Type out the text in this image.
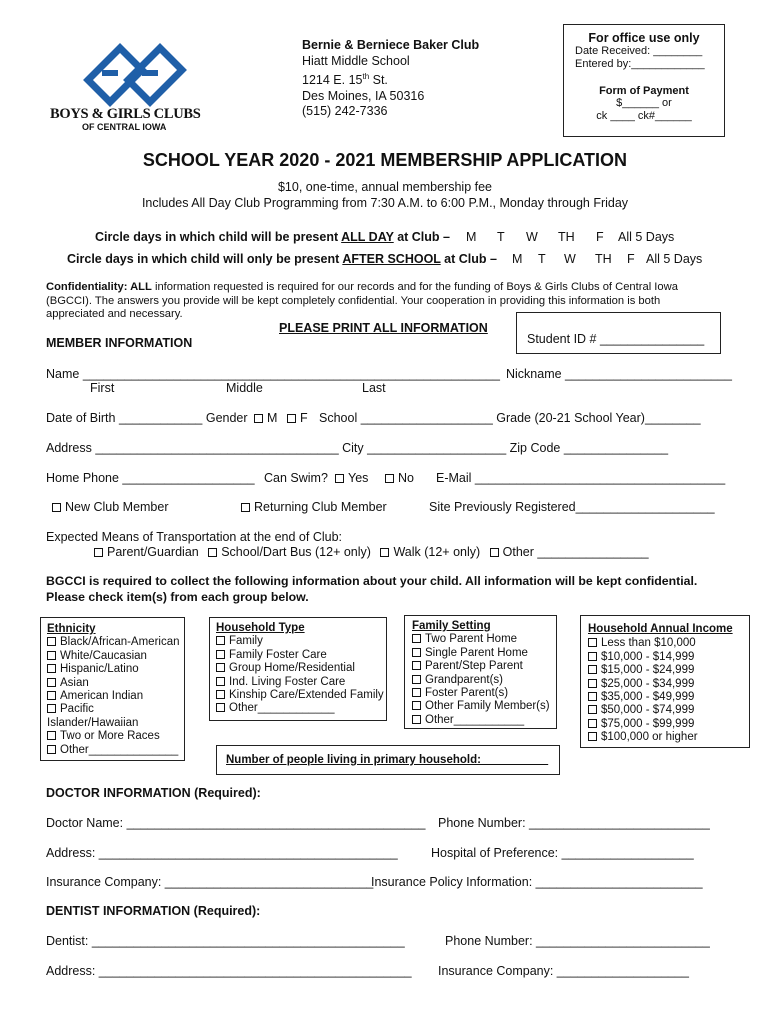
BOYS & GIRLS CLUBS
OF CENTRAL IOWA
Bernie & Berniece Baker Club
Hiatt Middle School
1214 E. 15th St.
Des Moines, IA 50316
(515) 242-7336
For office use only
Date Received: ________
Entered by:____________
Form of Payment
$______ or
ck ____ ck#______
SCHOOL YEAR 2020 - 2021 MEMBERSHIP APPLICATION
$10, one-time, annual membership fee
Includes All Day Club Programming from 7:30 A.M. to 6:00 P.M., Monday through Friday
Circle days in which child will be present ALL DAY at Club – M T W TH F All 5 Days
Circle days in which child will only be present AFTER SCHOOL at Club – M T W TH F All 5 Days
Confidentiality: ALL information requested is required for our records and for the funding of Boys & Girls Clubs of Central Iowa
(BGCCI). The answers you provide will be kept completely confidential. Your cooperation in providing this information is both
appreciated and necessary.
PLEASE PRINT ALL INFORMATION
MEMBER INFORMATION	Student ID # _______________
Name ____________________________________________________________ Nickname ________________________
First	Middle	Last
Date of Birth ____________ Gender	M	F School ___________________ Grade (20-21 School Year)________
Address ___________________________________ City ____________________ Zip Code _______________
Home Phone ___________________ Can Swim?	Yes	No E-Mail ____________________________________
New Club Member	Returning Club Member	Site Previously Registered____________________
Expected Means of Transportation at the end of Club:
Parent/Guardian School/Dart Bus (12+ only) Walk (12+ only) Other ________________
BGCCI is required to collect the following information about your child. All information will be kept confidential.
Please check item(s) from each group below.
Ethnicity
Black/African-American
White/Caucasian
Hispanic/Latino
Asian
American Indian
Pacific
Islander/Hawaiian
Two or More Races
Other______________
Household Type
Family
Family Foster Care
Group Home/Residential
Ind. Living Foster Care
Kinship Care/Extended Family
Other____________
Family Setting
Two Parent Home
Single Parent Home
Parent/Step Parent
Grandparent(s)
Foster Parent(s)
Other Family Member(s)
Other___________
Household Annual Income
Less than $10,000
$10,000 - $14,999
$15,000 - $24,999
$25,000 - $34,999
$35,000 - $49,999
$50,000 - $74,999
$75,000 - $99,999
$100,000 or higher
Number of people living in primary household: __________
DOCTOR INFORMATION (Required):
Doctor Name: ___________________________________________ Phone Number: __________________________
Address: ___________________________________________	Hospital of Preference: ___________________
Insurance Company: ______________________________
Insurance Policy Information: ________________________
DENTIST INFORMATION (Required):
Dentist: _____________________________________________	Phone Number: _________________________
Address: _____________________________________________ Insurance Company: ___________________
